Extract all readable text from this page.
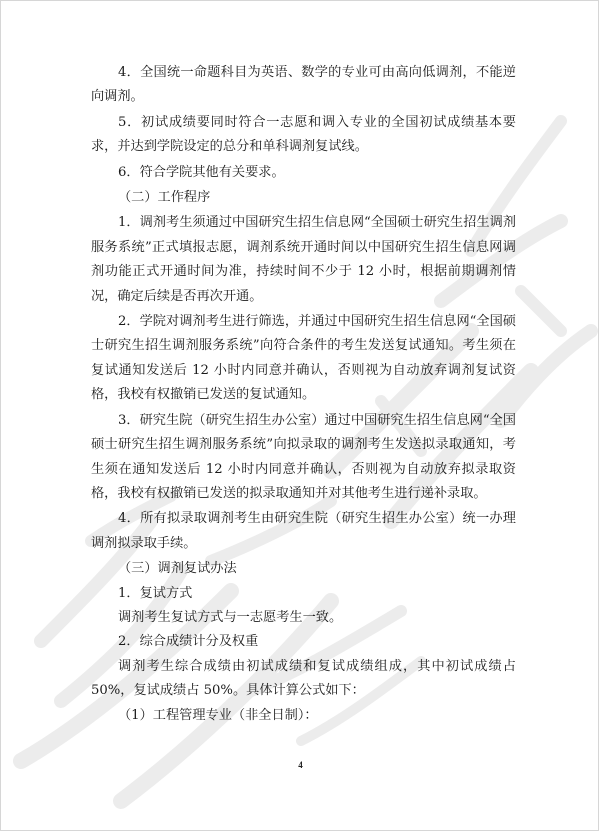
4．全国统一命题科目为英语、数学的专业可由高向低调剂，不能逆向调剂。

5．初试成绩要同时符合一志愿和调入专业的全国初试成绩基本要求，并达到学院设定的总分和单科调剂复试线。

6．符合学院其他有关要求。

（二）工作程序

1．调剂考生须通过中国研究生招生信息网“全国硕士研究生招生调剂服务系统”正式填报志愿，调剂系统开通时间以中国研究生招生信息网调剂功能正式开通时间为准，持续时间不少于 12 小时，根据前期调剂情况，确定后续是否再次开通。

2．学院对调剂考生进行筛选，并通过中国研究生招生信息网“全国硕士研究生招生调剂服务系统”向符合条件的考生发送复试通知。考生须在复试通知发送后 12 小时内同意并确认，否则视为自动放弃调剂复试资格，我校有权撤销已发送的复试通知。

3．研究生院（研究生招生办公室）通过中国研究生招生信息网“全国硕士研究生招生调剂服务系统”向拟录取的调剂考生发送拟录取通知，考生须在通知发送后 12 小时内同意并确认，否则视为自动放弃拟录取资格，我校有权撤销已发送的拟录取通知并对其他考生进行递补录取。

4．所有拟录取调剂考生由研究生院（研究生招生办公室）统一办理调剂拟录取手续。

（三）调剂复试办法

1．复试方式

调剂考生复试方式与一志愿考生一致。

2．综合成绩计分及权重

调剂考生综合成绩由初试成绩和复试成绩组成，其中初试成绩占 50%，复试成绩占 50%。具体计算公式如下：

（1）工程管理专业（非全日制）：

4
